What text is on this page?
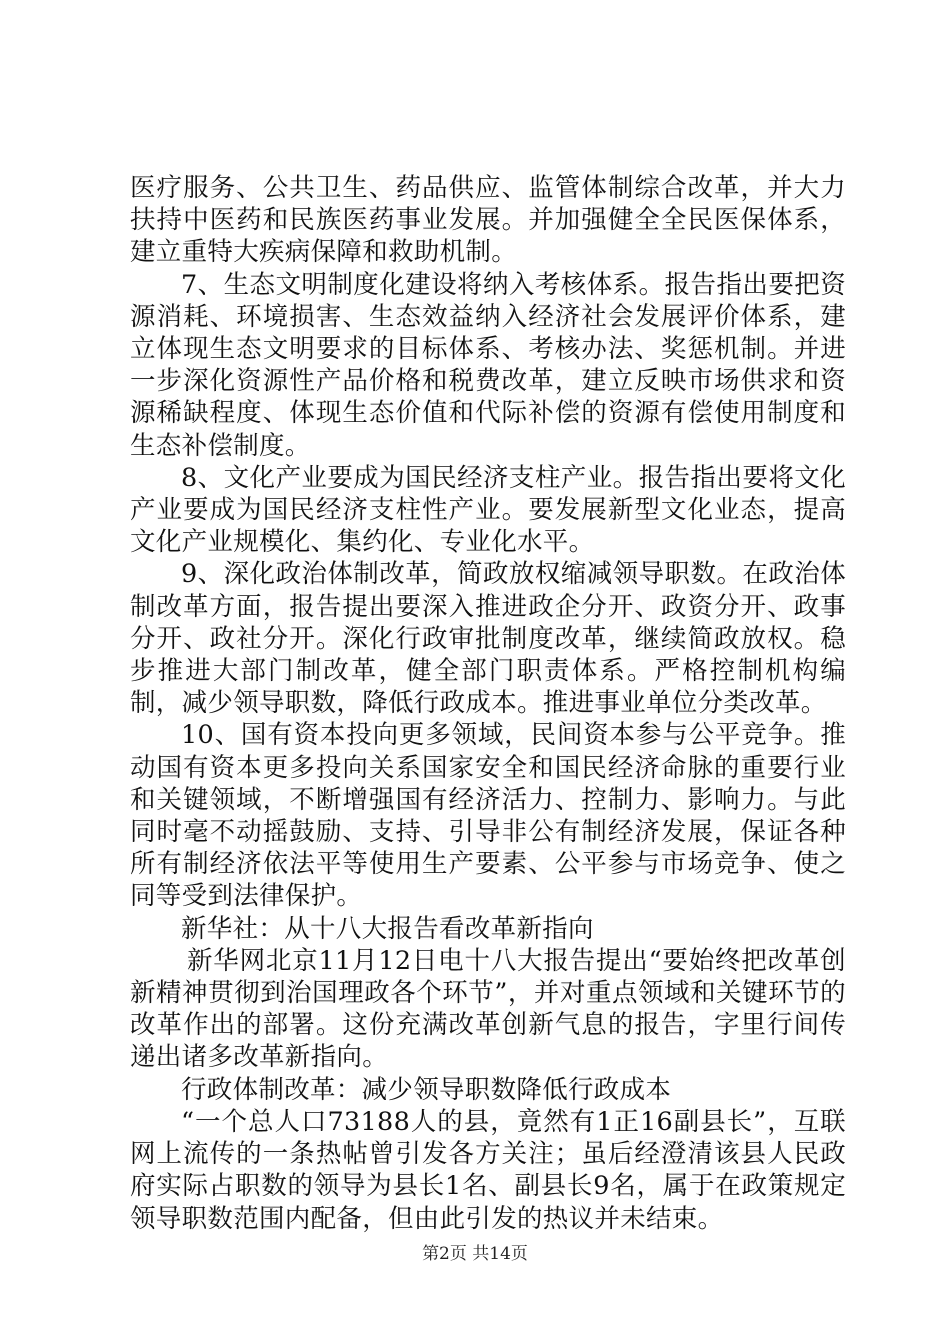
医疗服务、公共卫生、药品供应、监管体制综合改革，并大力扶持中医药和民族医药事业发展。并加强健全全民医保体系，建立重特大疾病保障和救助机制。

7、生态文明制度化建设将纳入考核体系。报告指出要把资源消耗、环境损害、生态效益纳入经济社会发展评价体系，建立体现生态文明要求的目标体系、考核办法、奖惩机制。并进一步深化资源性产品价格和税费改革，建立反映市场供求和资源稀缺程度、体现生态价值和代际补偿的资源有偿使用制度和生态补偿制度。

8、文化产业要成为国民经济支柱产业。报告指出要将文化产业要成为国民经济支柱性产业。要发展新型文化业态，提高文化产业规模化、集约化、专业化水平。

9、深化政治体制改革，简政放权缩减领导职数。在政治体制改革方面，报告提出要深入推进政企分开、政资分开、政事分开、政社分开。深化行政审批制度改革，继续简政放权。稳步推进大部门制改革，健全部门职责体系。严格控制机构编制，减少领导职数，降低行政成本。推进事业单位分类改革。

10、国有资本投向更多领域，民间资本参与公平竞争。推动国有资本更多投向关系国家安全和国民经济命脉的重要行业和关键领域，不断增强国有经济活力、控制力、影响力。与此同时毫不动摇鼓励、支持、引导非公有制经济发展，保证各种所有制经济依法平等使用生产要素、公平参与市场竞争、使之同等受到法律保护。

新华社：从十八大报告看改革新指向

新华网北京11月12日电十八大报告提出“要始终把改革创新精神贯彻到治国理政各个环节”，并对重点领域和关键环节的改革作出的部署。这份充满改革创新气息的报告，字里行间传递出诸多改革新指向。

行政体制改革：减少领导职数降低行政成本

“一个总人口73188人的县，竟然有1正16副县长”，互联网上流传的一条热帖曾引发各方关注；虽后经澄清该县人民政府实际占职数的领导为县长1名、副县长9名，属于在政策规定领导职数范围内配备，但由此引发的热议并未结束。

第2页 共14页
